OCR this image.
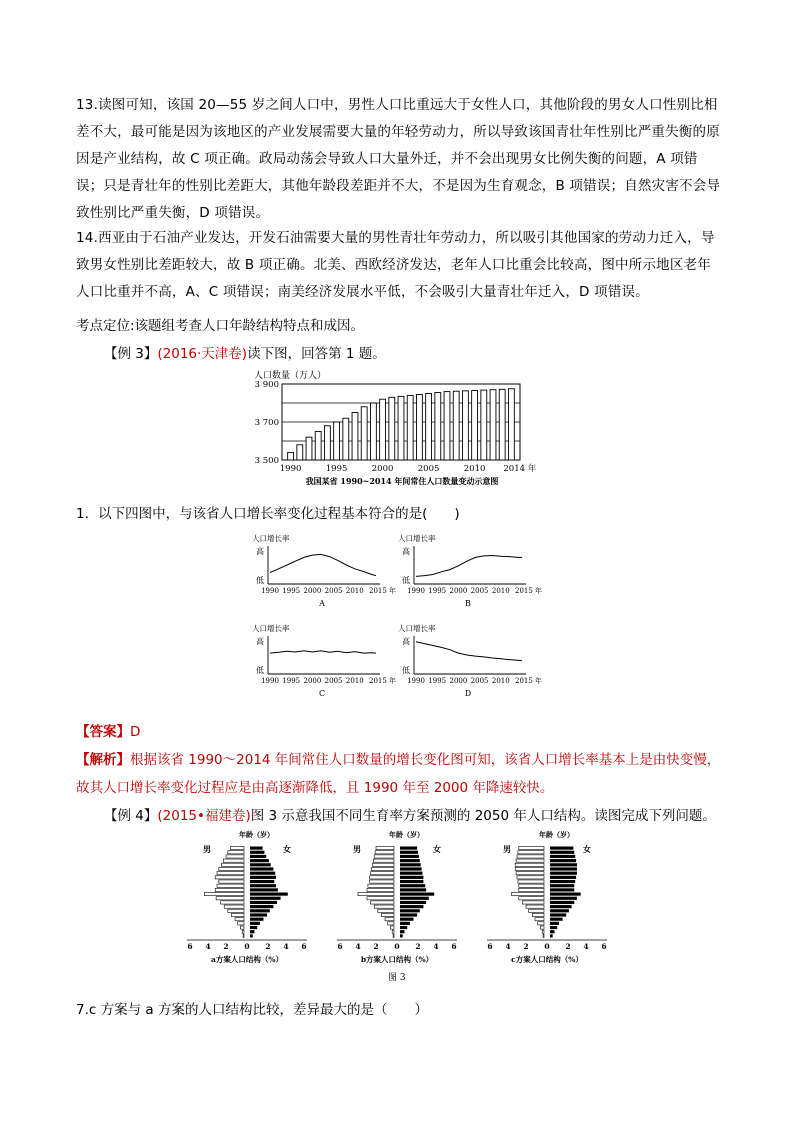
13.读图可知，该国 20—55 岁之间人口中，男性人口比重远大于女性人口，其他阶段的男女人口性别比相差不大，最可能是因为该地区的产业发展需要大量的年轻劳动力，所以导致该国青壮年性别比严重失衡的原因是产业结构，故 C 项正确。政局动荡会导致人口大量外迁，并不会出现男女比例失衡的问题，A 项错误；只是青壮年的性别比差距大，其他年龄段差距并不大，不是因为生育观念，B 项错误；自然灾害不会导致性别比严重失衡，D 项错误。
14.西亚由于石油产业发达，开发石油需要大量的男性青壮年劳动力，所以吸引其他国家的劳动力迁入，导致男女性别比差距较大，故 B 项正确。北美、西欧经济发达，老年人口比重会比较高，图中所示地区老年人口比重并不高，A、C 项错误；南美经济发展水平低，不会吸引大量青壮年迁入，D 项错误。
考点定位:该题组考查人口年龄结构特点和成因。
【例 3】(2016·天津卷)读下图，回答第 1 题。
人口数量（万人）
3 500
3 700
3 900
1990	1995	2000	2005	2010 2014 年
我国某省 1990~2014 年间常住人口数量变动示意图
1．以下四图中，与该省人口增长率变化过程基本符合的是(　　)
人口增长率
高
低
1990 1995 2000 2005 2010 2015 年
A
人口增长率
高
低
1990 1995 2000 2005 2010 2015 年
B
人口增长率
高
低
1990 1995 2000 2005 2010 2015 年
C
人口增长率
高
低
1990 1995 2000 2005 2010 2015 年
D
【答案】D
【解析】根据该省 1990～2014 年间常住人口数量的增长变化图可知，该省人口增长率基本上是由快变慢，
故其人口增长率变化过程应是由高逐渐降低，且 1990 年至 2000 年降速较快。
【例 4】(2015•福建卷)图 3 示意我国不同生育率方案预测的 2050 年人口结构。读图完成下列问题。
年龄（岁）
男	女
6 4 2 0 2 4 6
a方案人口结构（%）
年龄（岁）
男	女
6 4 2 0 2 4 6
b方案人口结构（%）
年龄（岁）
男	女
6 4 2 0 2 4 6
c方案人口结构（%）
图 3
7.c 方案与 a 方案的人口结构比较，差异最大的是（　　）
